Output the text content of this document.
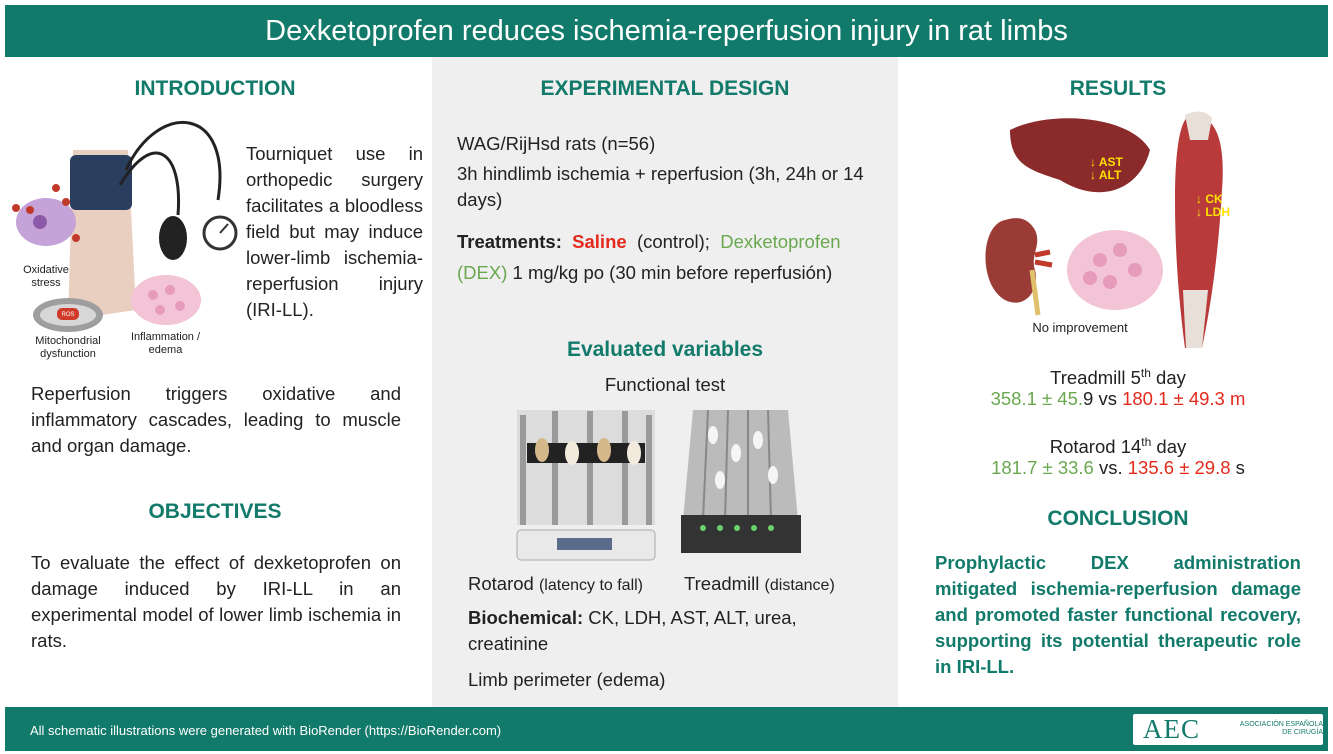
Dexketoprofen reduces ischemia-reperfusion injury in rat limbs
INTRODUCTION
ROS
Oxidative stress
Mitochondrial dysfunction
Inflammation / edema
Tourniquet use in orthopedic surgery facilitates a bloodless field but may induce lower-limb ischemia-reperfusion injury (IRI-LL).
Reperfusion triggers oxidative and inflammatory cascades, leading to muscle and organ damage.
OBJECTIVES
To evaluate the effect of dexketoprofen on damage induced by IRI-LL in an experimental model of lower limb ischemia in rats.
EXPERIMENTAL DESIGN
WAG/RijHsd rats (n=56)
3h hindlimb ischemia + reperfusion (3h, 24h or 14 days)
Treatments: Saline (control); Dexketoprofen (DEX) 1 mg/kg po (30 min before reperfusión)
Evaluated variables
Functional test
Rotarod (latency to fall)	Treadmill (distance)
Biochemical: CK, LDH, AST, ALT, urea, creatinine
Limb perimeter (edema)
RESULTS
↓ AST
↓ ALT
↓ CK
↓ LDH
No improvement
Treadmill 5th day
358.1 ± 45.9 vs 180.1 ± 49.3 m
Rotarod 14th day
181.7 ± 33.6 vs. 135.6 ± 29.8 s
CONCLUSION
Prophylactic DEX administration mitigated ischemia-reperfusion damage and promoted faster functional recovery, supporting its potential therapeutic role in IRI-LL.
All schematic illustrations were generated with BioRender (https://BioRender.com)	AEC	ASOCIACIÓN ESPAÑOLA DE CIRUGÍA
